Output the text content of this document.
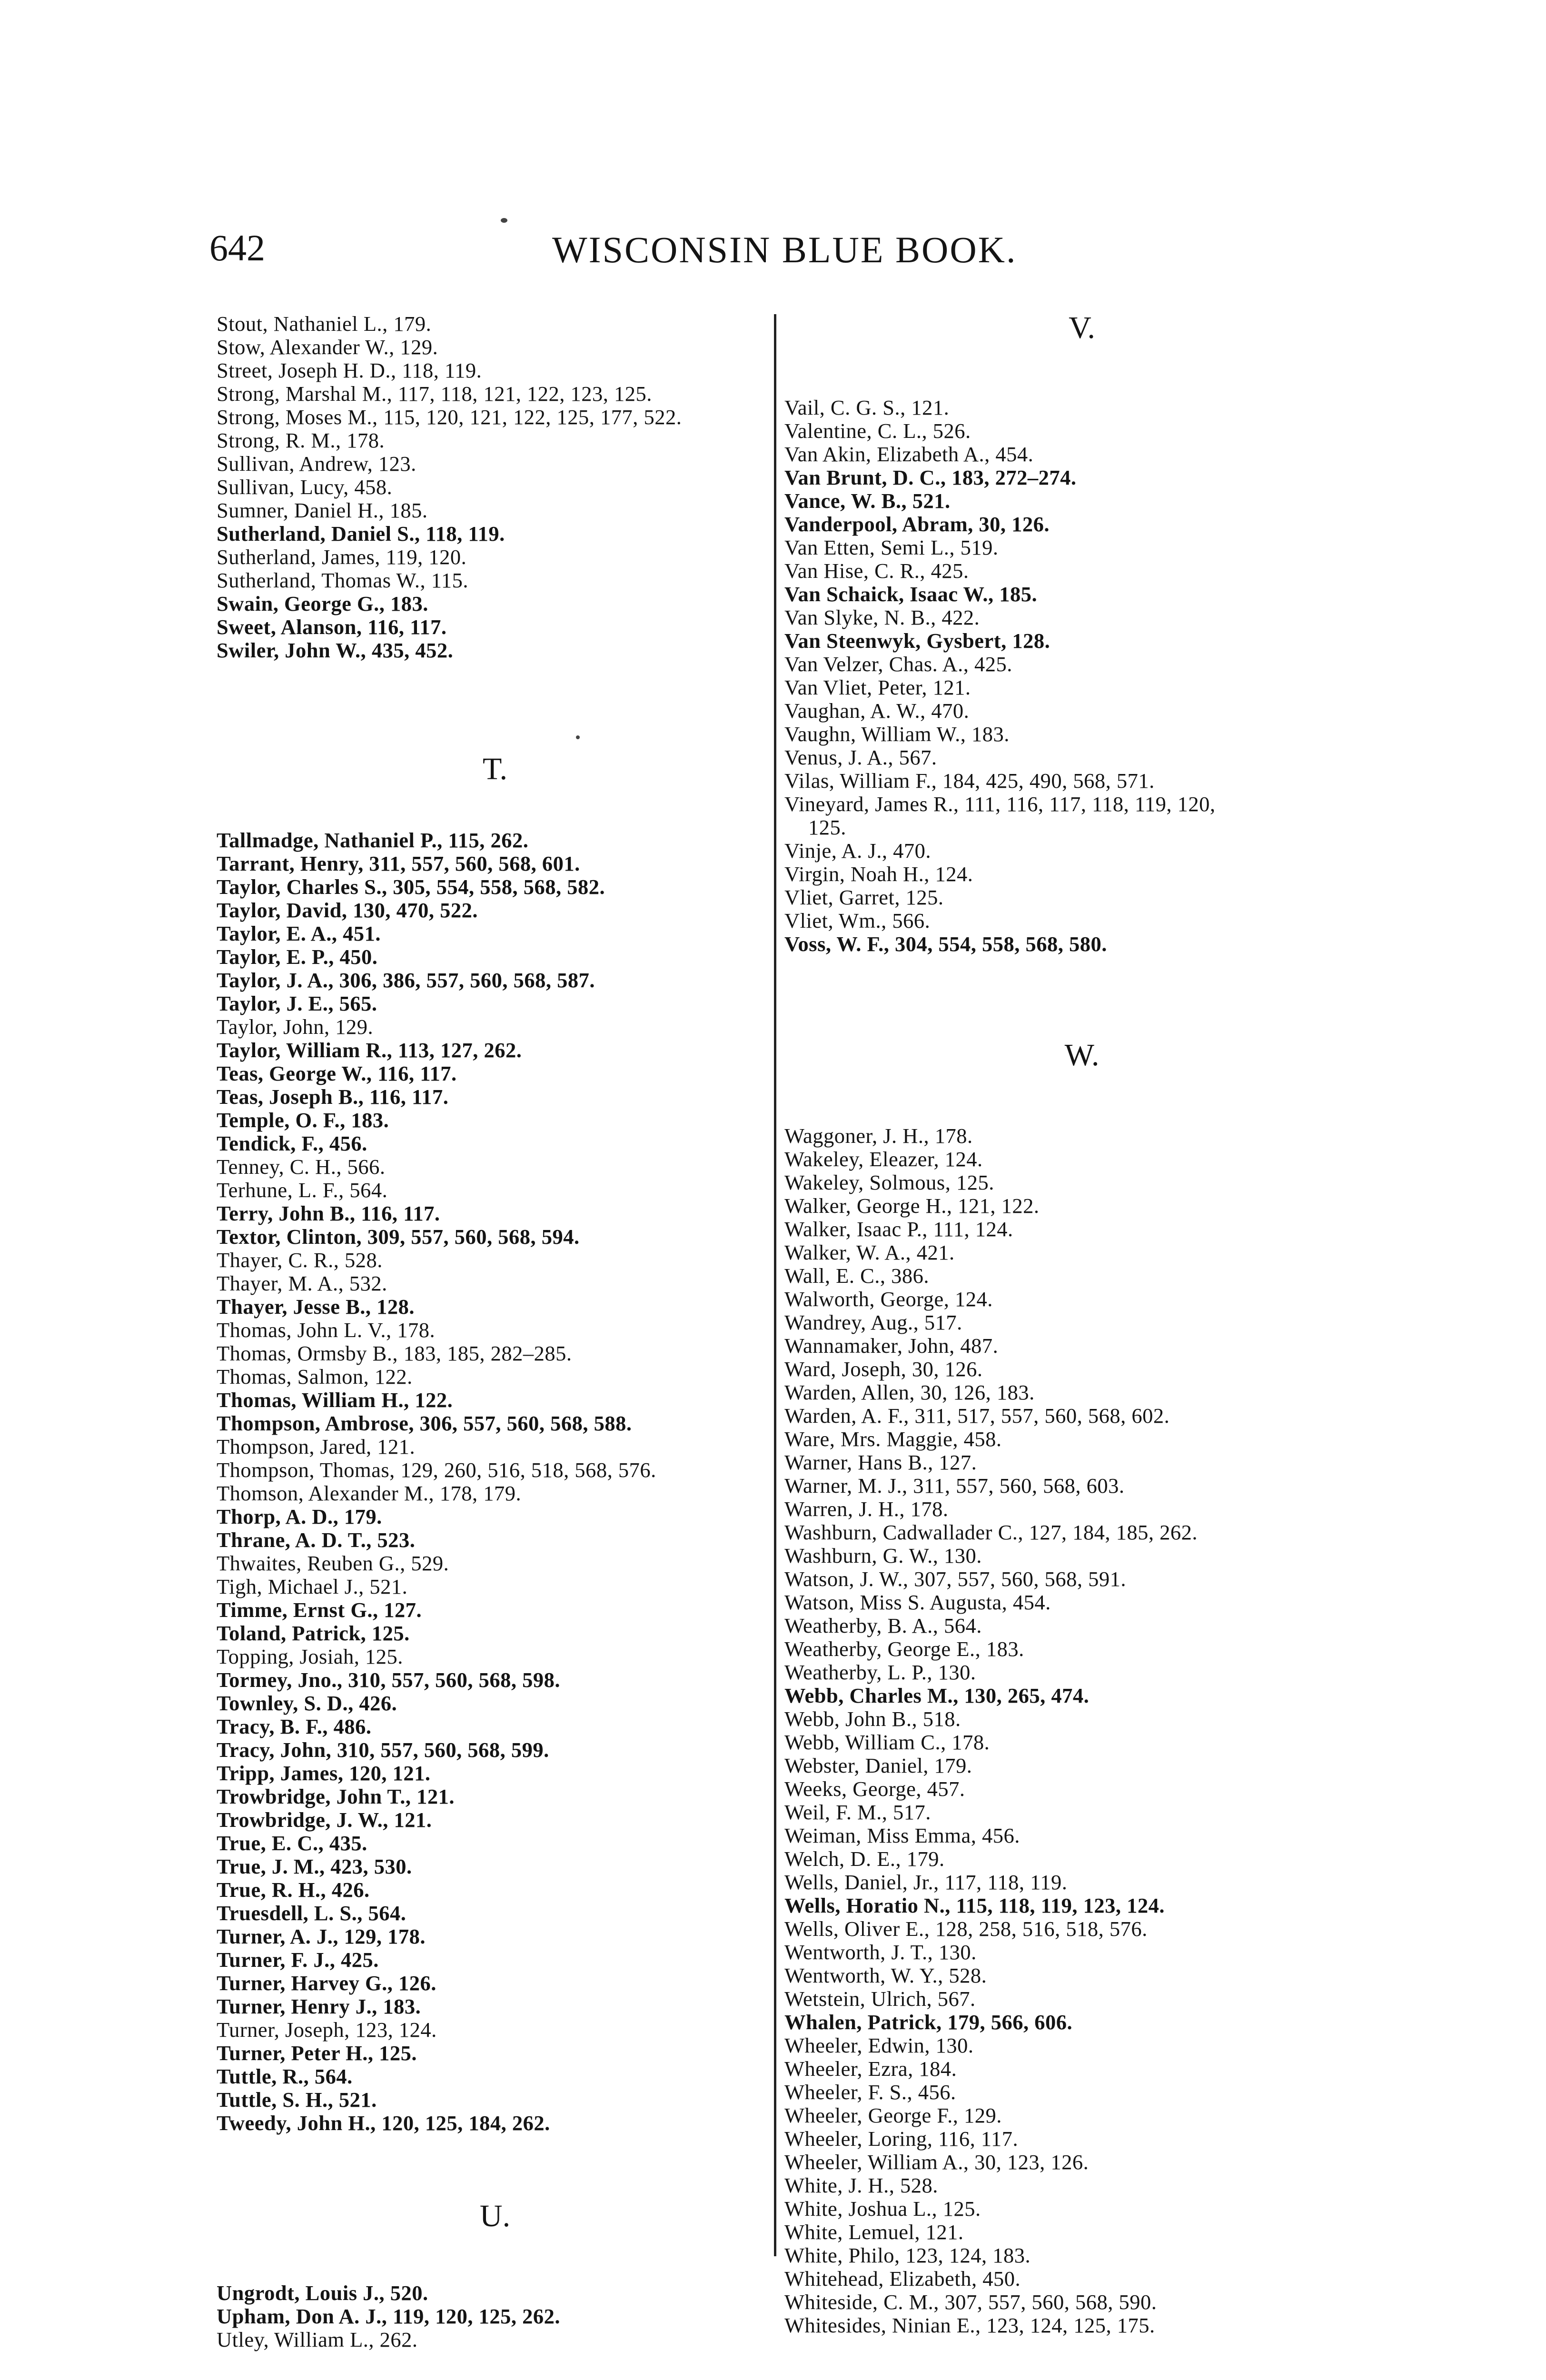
642	WISCONSIN BLUE BOOK.
Stout, Nathaniel L., 179.
Stow, Alexander W., 129.
Street, Joseph H. D., 118, 119.
Strong, Marshal M., 117, 118, 121, 122, 123, 125.
Strong, Moses M., 115, 120, 121, 122, 125, 177, 522.
Strong, R. M., 178.
Sullivan, Andrew, 123.
Sullivan, Lucy, 458.
Sumner, Daniel H., 185.
Sutherland, Daniel S., 118, 119.
Sutherland, James, 119, 120.
Sutherland, Thomas W., 115.
Swain, George G., 183.
Sweet, Alanson, 116, 117.
Swiler, John W., 435, 452.
T.
Tallmadge, Nathaniel P., 115, 262.
Tarrant, Henry, 311, 557, 560, 568, 601.
Taylor, Charles S., 305, 554, 558, 568, 582.
Taylor, David, 130, 470, 522.
Taylor, E. A., 451.
Taylor, E. P., 450.
Taylor, J. A., 306, 386, 557, 560, 568, 587.
Taylor, J. E., 565.
Taylor, John, 129.
Taylor, William R., 113, 127, 262.
Teas, George W., 116, 117.
Teas, Joseph B., 116, 117.
Temple, O. F., 183.
Tendick, F., 456.
Tenney, C. H., 566.
Terhune, L. F., 564.
Terry, John B., 116, 117.
Textor, Clinton, 309, 557, 560, 568, 594.
Thayer, C. R., 528.
Thayer, M. A., 532.
Thayer, Jesse B., 128.
Thomas, John L. V., 178.
Thomas, Ormsby B., 183, 185, 282–285.
Thomas, Salmon, 122.
Thomas, William H., 122.
Thompson, Ambrose, 306, 557, 560, 568, 588.
Thompson, Jared, 121.
Thompson, Thomas, 129, 260, 516, 518, 568, 576.
Thomson, Alexander M., 178, 179.
Thorp, A. D., 179.
Thrane, A. D. T., 523.
Thwaites, Reuben G., 529.
Tigh, Michael J., 521.
Timme, Ernst G., 127.
Toland, Patrick, 125.
Topping, Josiah, 125.
Tormey, Jno., 310, 557, 560, 568, 598.
Townley, S. D., 426.
Tracy, B. F., 486.
Tracy, John, 310, 557, 560, 568, 599.
Tripp, James, 120, 121.
Trowbridge, John T., 121.
Trowbridge, J. W., 121.
True, E. C., 435.
True, J. M., 423, 530.
True, R. H., 426.
Truesdell, L. S., 564.
Turner, A. J., 129, 178.
Turner, F. J., 425.
Turner, Harvey G., 126.
Turner, Henry J., 183.
Turner, Joseph, 123, 124.
Turner, Peter H., 125.
Tuttle, R., 564.
Tuttle, S. H., 521.
Tweedy, John H., 120, 125, 184, 262.
U.
Ungrodt, Louis J., 520.
Upham, Don A. J., 119, 120, 125, 262.
Utley, William L., 262.
V.
Vail, C. G. S., 121.
Valentine, C. L., 526.
Van Akin, Elizabeth A., 454.
Van Brunt, D. C., 183, 272–274.
Vance, W. B., 521.
Vanderpool, Abram, 30, 126.
Van Etten, Semi L., 519.
Van Hise, C. R., 425.
Van Schaick, Isaac W., 185.
Van Slyke, N. B., 422.
Van Steenwyk, Gysbert, 128.
Van Velzer, Chas. A., 425.
Van Vliet, Peter, 121.
Vaughan, A. W., 470.
Vaughn, William W., 183.
Venus, J. A., 567.
Vilas, William F., 184, 425, 490, 568, 571.
Vineyard, James R., 111, 116, 117, 118, 119, 120,
125.
Vinje, A. J., 470.
Virgin, Noah H., 124.
Vliet, Garret, 125.
Vliet, Wm., 566.
Voss, W. F., 304, 554, 558, 568, 580.
W.
Waggoner, J. H., 178.
Wakeley, Eleazer, 124.
Wakeley, Solmous, 125.
Walker, George H., 121, 122.
Walker, Isaac P., 111, 124.
Walker, W. A., 421.
Wall, E. C., 386.
Walworth, George, 124.
Wandrey, Aug., 517.
Wannamaker, John, 487.
Ward, Joseph, 30, 126.
Warden, Allen, 30, 126, 183.
Warden, A. F., 311, 517, 557, 560, 568, 602.
Ware, Mrs. Maggie, 458.
Warner, Hans B., 127.
Warner, M. J., 311, 557, 560, 568, 603.
Warren, J. H., 178.
Washburn, Cadwallader C., 127, 184, 185, 262.
Washburn, G. W., 130.
Watson, J. W., 307, 557, 560, 568, 591.
Watson, Miss S. Augusta, 454.
Weatherby, B. A., 564.
Weatherby, George E., 183.
Weatherby, L. P., 130.
Webb, Charles M., 130, 265, 474.
Webb, John B., 518.
Webb, William C., 178.
Webster, Daniel, 179.
Weeks, George, 457.
Weil, F. M., 517.
Weiman, Miss Emma, 456.
Welch, D. E., 179.
Wells, Daniel, Jr., 117, 118, 119.
Wells, Horatio N., 115, 118, 119, 123, 124.
Wells, Oliver E., 128, 258, 516, 518, 576.
Wentworth, J. T., 130.
Wentworth, W. Y., 528.
Wetstein, Ulrich, 567.
Whalen, Patrick, 179, 566, 606.
Wheeler, Edwin, 130.
Wheeler, Ezra, 184.
Wheeler, F. S., 456.
Wheeler, George F., 129.
Wheeler, Loring, 116, 117.
Wheeler, William A., 30, 123, 126.
White, J. H., 528.
White, Joshua L., 125.
White, Lemuel, 121.
White, Philo, 123, 124, 183.
Whitehead, Elizabeth, 450.
Whiteside, C. M., 307, 557, 560, 568, 590.
Whitesides, Ninian E., 123, 124, 125, 175.
